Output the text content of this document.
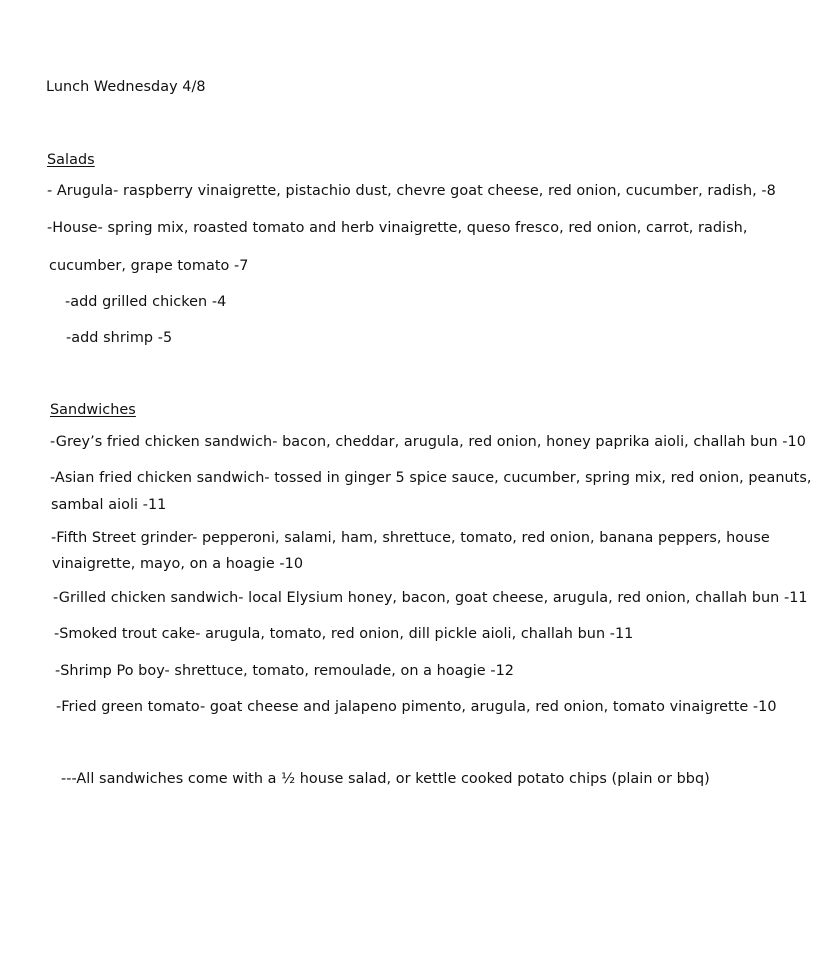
Lunch Wednesday 4/8
Salads
- Arugula- raspberry vinaigrette, pistachio dust, chevre goat cheese, red onion, cucumber, radish, -8
-House- spring mix, roasted tomato and herb vinaigrette, queso fresco, red onion, carrot, radish,
cucumber, grape tomato -7
-add grilled chicken -4
-add shrimp -5
Sandwiches
-Grey’s fried chicken sandwich- bacon, cheddar, arugula, red onion, honey paprika aioli, challah bun -10
-Asian fried chicken sandwich- tossed in ginger 5 spice sauce, cucumber, spring mix, red onion, peanuts,
sambal aioli -11
-Fifth Street grinder- pepperoni, salami, ham, shrettuce, tomato, red onion, banana peppers, house
vinaigrette, mayo, on a hoagie -10
-Grilled chicken sandwich- local Elysium honey, bacon, goat cheese, arugula, red onion, challah bun -11
-Smoked trout cake- arugula, tomato, red onion, dill pickle aioli, challah bun -11
-Shrimp Po boy- shrettuce, tomato, remoulade, on a hoagie -12
-Fried green tomato- goat cheese and jalapeno pimento, arugula, red onion, tomato vinaigrette -10
---All sandwiches come with a ½ house salad, or kettle cooked potato chips (plain or bbq)
